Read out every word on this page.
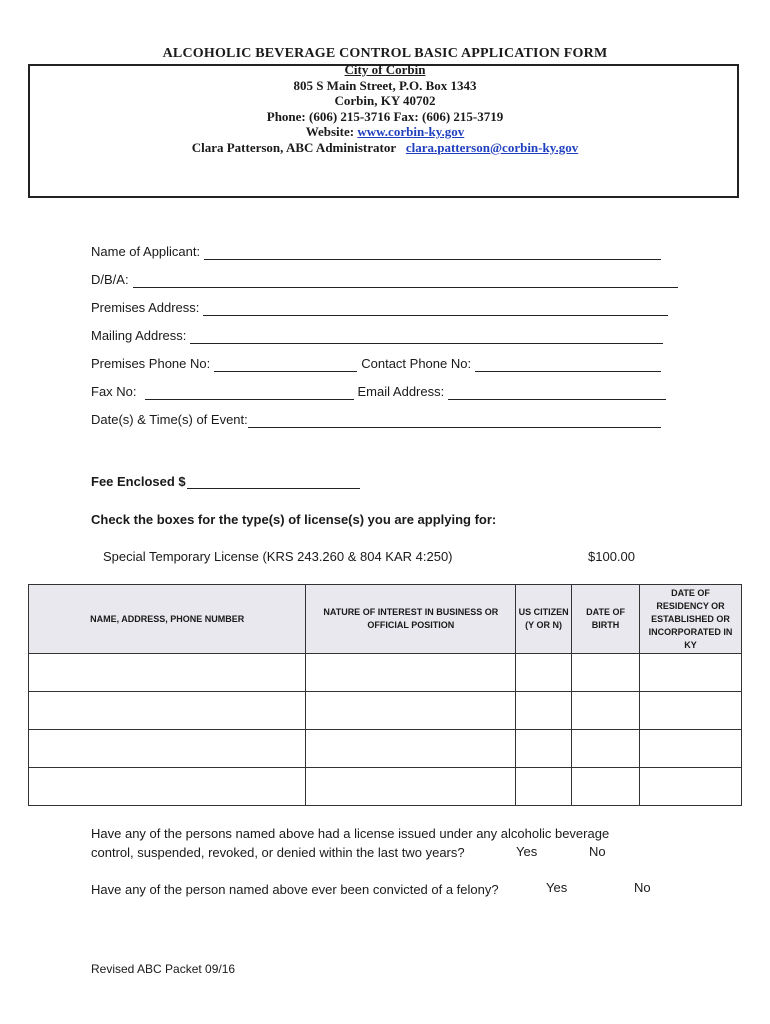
ALCOHOLIC BEVERAGE CONTROL BASIC APPLICATION FORM
City of Corbin
805 S Main Street, P.O. Box 1343
Corbin, KY 40702
Phone: (606) 215-3716 Fax: (606) 215-3719
Website: www.corbin-ky.gov
Clara Patterson, ABC Administrator clara.patterson@corbin-ky.gov
Name of Applicant:
D/B/A:
Premises Address:
Mailing Address:
Premises Phone No:	Contact Phone No:
Fax No:	Email Address:
Date(s) & Time(s) of Event:
Fee Enclosed $
Check the boxes for the type(s) of license(s) you are applying for:
Special Temporary License (KRS 243.260 & 804 KAR 4:250)	$100.00
NAME, ADDRESS, PHONE NUMBER	NATURE OF INTEREST IN BUSINESS OR OFFICIAL POSITION	US CITIZEN (Y OR N)	DATE OF BIRTH	DATE OF RESIDENCY OR ESTABLISHED OR INCORPORATED IN KY

Have any of the persons named above had a license issued under any alcoholic beverage
control, suspended, revoked, or denied within the last two years?	Yes	No
Have any of the person named above ever been convicted of a felony?	Yes	No
Revised ABC Packet 09/16
